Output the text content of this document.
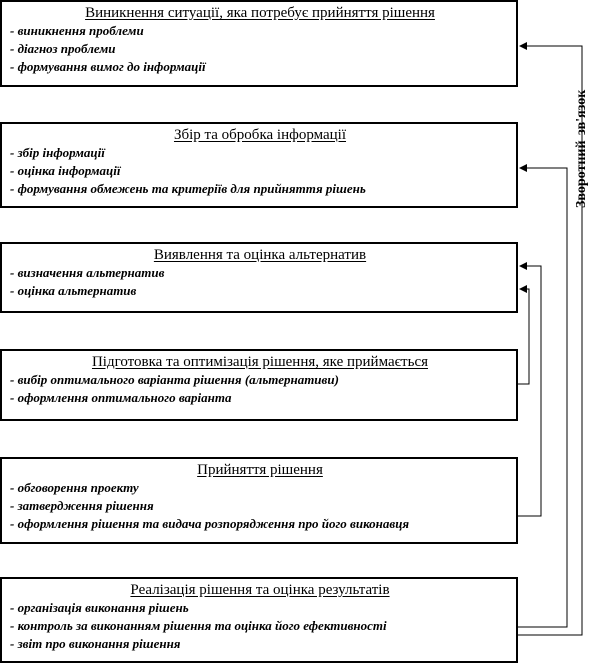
Виникнення ситуації, яка потребує прийняття рішення
- виникнення проблеми
- діагноз проблеми
- формування вимог до інформації
Збір та обробка інформації
- збір інформації
- оцінка інформації
- формування обмежень та критеріїв для прийняття рішень
Виявлення та оцінка альтернатив
- визначення альтернатив
- оцінка альтернатив
Підготовка та оптимізація рішення, яке приймається
- вибір оптимального варіанта рішення (альтернативи)
- оформлення оптимального варіанта
Прийняття рішення
- обговорення проекту
- затвердження рішення
- оформлення рішення та видача розпорядження про його виконавця
Реалізація рішення та оцінка результатів
- організація виконання рішень
- контроль за виконанням рішення та оцінка його ефективності
- звіт про виконання рішення
Зворотний
зв'язок
